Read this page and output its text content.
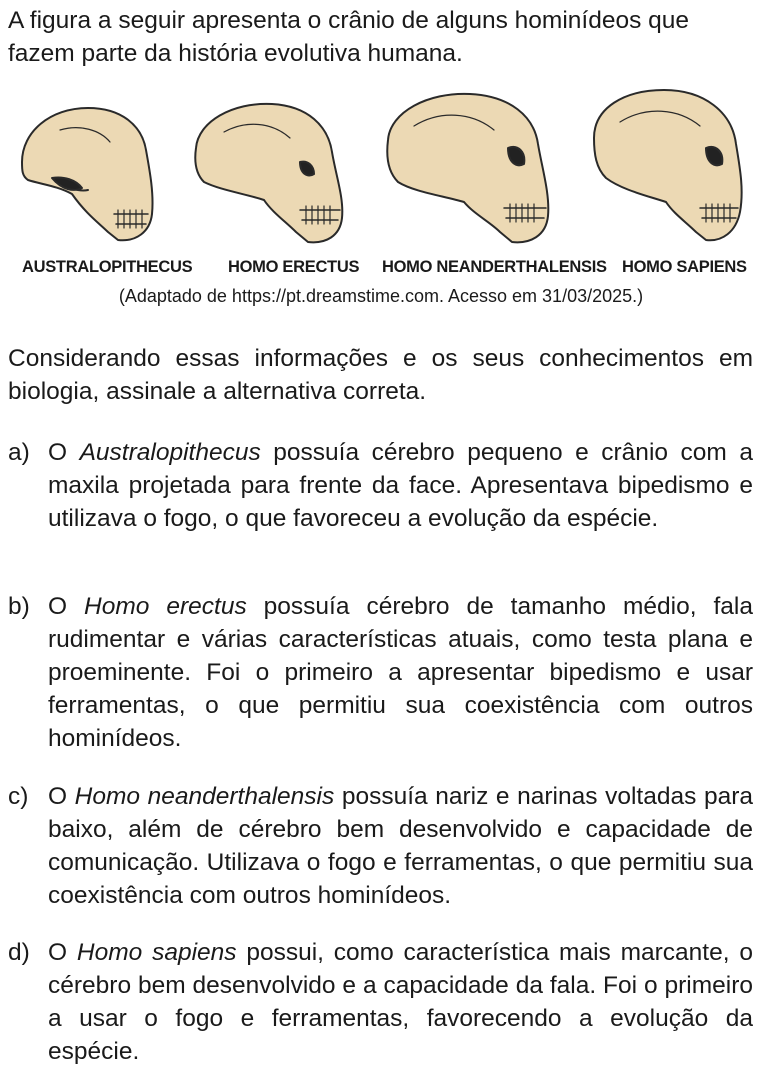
A figura a seguir apresenta o crânio de alguns hominídeos que fazem parte da história evolutiva humana.

AUSTRALOPITHECUS HOMO ERECTUS HOMO NEANDERTHALENSIS HOMO SAPIENS
(Adaptado de https://pt.dreamstime.com. Acesso em 31/03/2025.)

Considerando essas informações e os seus conhecimentos em biologia, assinale a alternativa correta.

a) O Australopithecus possuía cérebro pequeno e crânio com a maxila projetada para frente da face. Apresentava bipedismo e utilizava o fogo, o que favoreceu a evolução da espécie.
b) O Homo erectus possuía cérebro de tamanho médio, fala rudimentar e várias características atuais, como testa plana e proeminente. Foi o primeiro a apresentar bipedismo e usar ferramentas, o que permitiu sua coexistência com outros hominídeos.
c) O Homo neanderthalensis possuía nariz e narinas voltadas para baixo, além de cérebro bem desenvolvido e capacidade de comunicação. Utilizava o fogo e ferramentas, o que permitiu sua coexistência com outros hominídeos.
d) O Homo sapiens possui, como característica mais marcante, o cérebro bem desenvolvido e a capacidade da fala. Foi o primeiro a usar o fogo e ferramentas, favorecendo a evolução da espécie.
